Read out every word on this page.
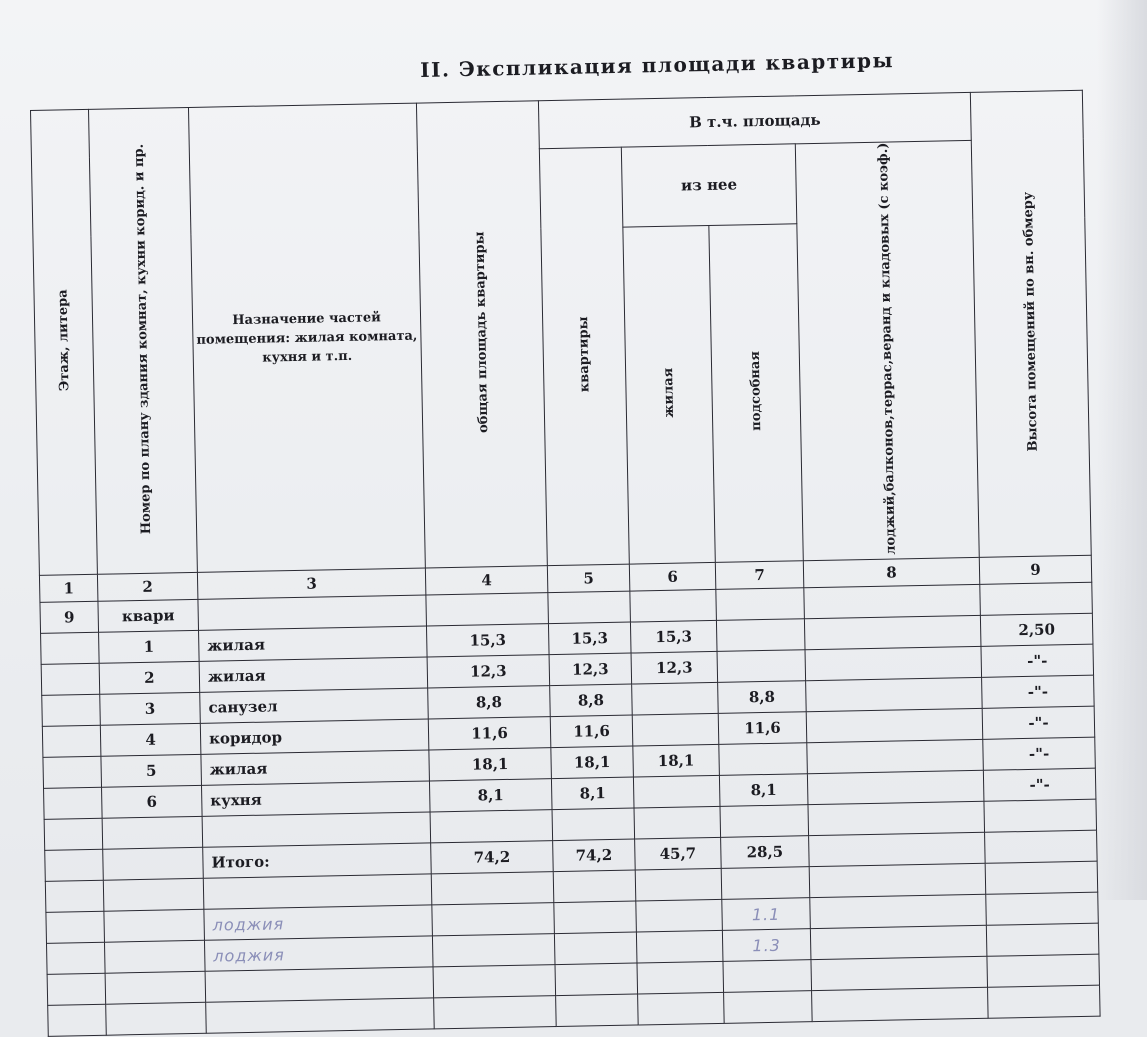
II. Экспликация площади квартиры
Этаж, литера	Номер по плану здания комнат, кухни корид. и пр.	Назначение частей помещения: жилая комната, кухня и т.п.	общая площадь квартиры	В т.ч. площадь				Высота помещений по вн. обмеру
				квартиры	из нее		лоджий,балконов,террас,веранд и кладовых (с коэф.)	
					жилая	подсобная		
1	2	3	4	5	6	7	8	9
9	квари							
	1	жилая	15,3	15,3	15,3			2,50
	2	жилая	12,3	12,3	12,3			-"-
	3	санузел	8,8	8,8		8,8		-"-
	4	коридор	11,6	11,6		11,6		-"-
	5	жилая	18,1	18,1	18,1			-"-
	6	кухня	8,1	8,1		8,1		-"-

		Итого:	74,2	74,2	45,7	28,5		

		лоджия				1.1		
		лоджия				1.3		
